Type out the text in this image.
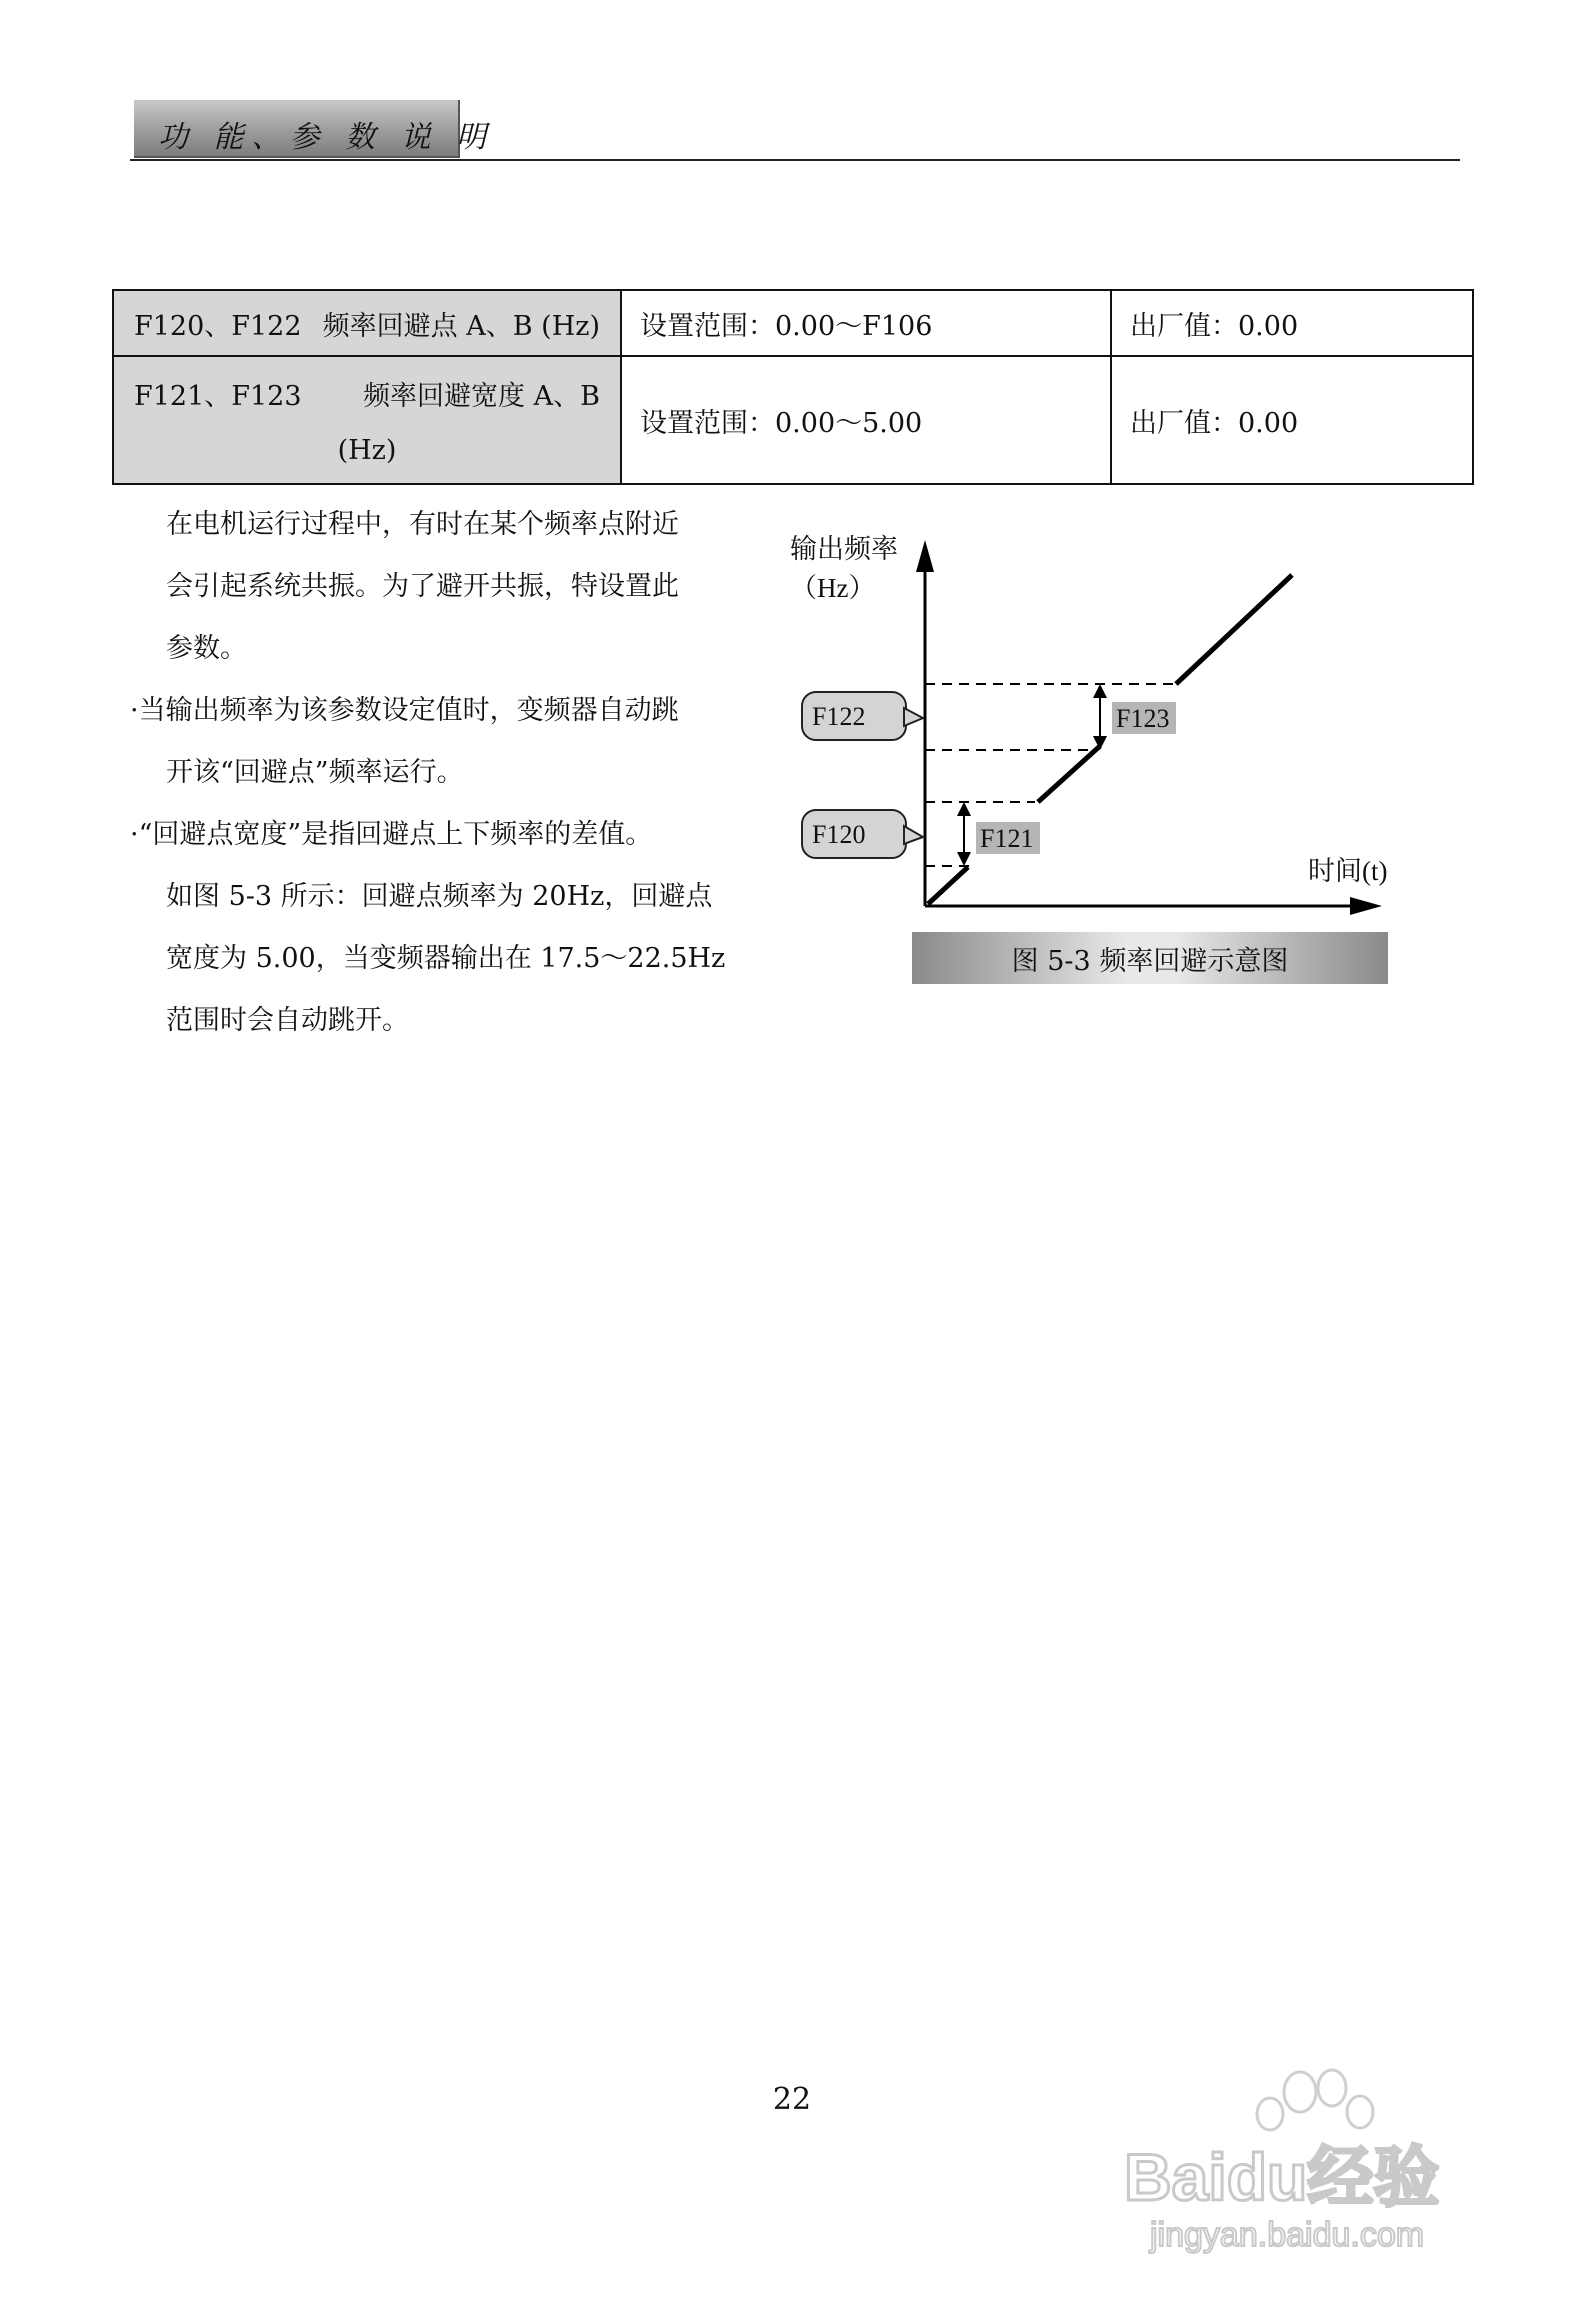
功 能、参 数 说 明
F120、F122 频率回避点 A、B (Hz)	设置范围：0.00～F106	出厂值：0.00

F121、F123 频率回避宽度 A、B
(Hz)	设置范围：0.00～5.00	出厂值：0.00

在电机运行过程中，有时在某个频率点附近

会引起系统共振。为了避开共振，特设置此

参数。

·当输出频率为该参数设定值时，变频器自动跳

开该“回避点”频率运行。

·“回避点宽度”是指回避点上下频率的差值。

如图 5-3 所示：回避点频率为 20Hz，回避点

宽度为 5.00，当变频器输出在 17.5～22.5Hz

范围时会自动跳开。

输出频率
（Hz）
时间(t)
F123
F121
F122
F120
图 5-3 频率回避示意图
22
Baidu经验
jingyan.baidu.com
